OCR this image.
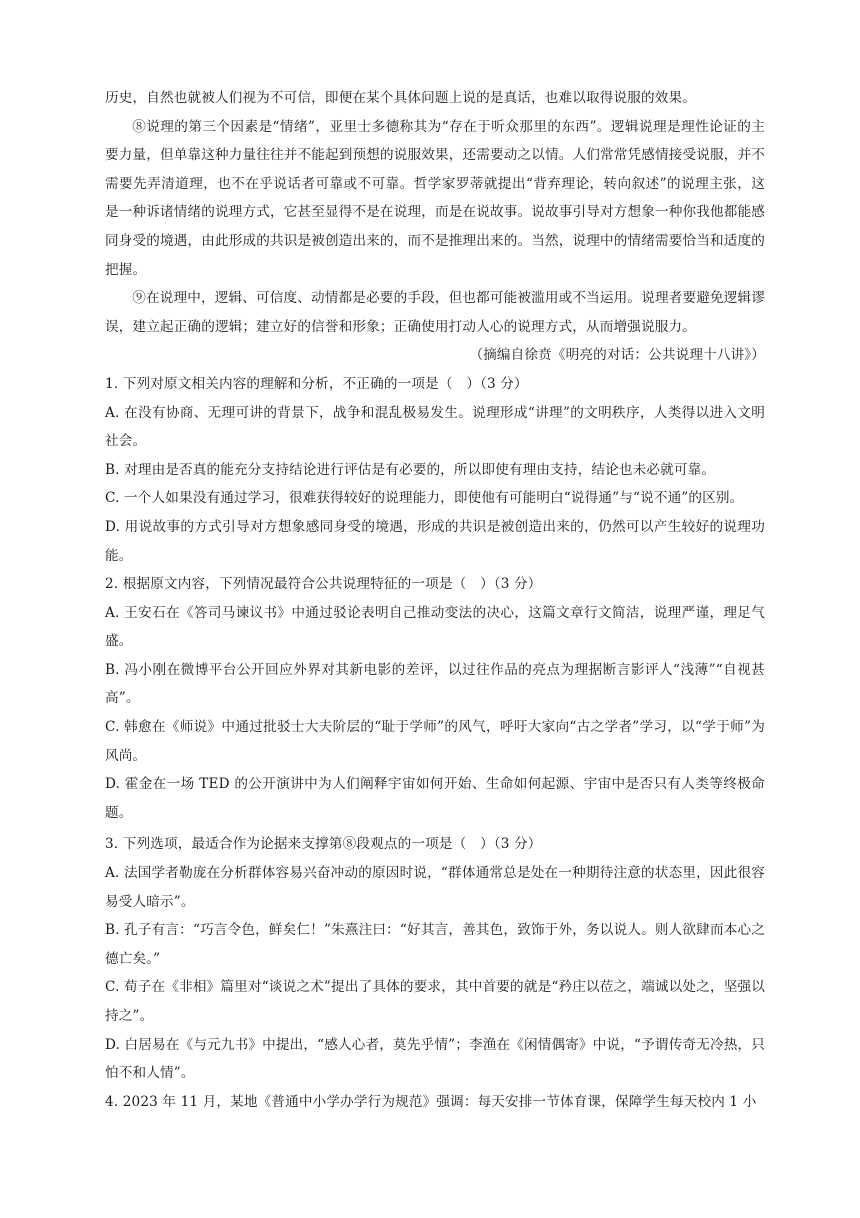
历史，自然也就被人们视为不可信，即便在某个具体问题上说的是真话，也难以取得说服的效果。

⑧说理的第三个因素是“情绪”，亚里士多德称其为“存在于听众那里的东西”。逻辑说理是理性论证的主要力量，但单靠这种力量往往并不能起到预想的说服效果，还需要动之以情。人们常常凭感情接受说服，并不需要先弄清道理，也不在乎说话者可靠或不可靠。哲学家罗蒂就提出“背弃理论，转向叙述”的说理主张，这是一种诉诸情绪的说理方式，它甚至显得不是在说理，而是在说故事。说故事引导对方想象一种你我他都能感同身受的境遇，由此形成的共识是被创造出来的，而不是推理出来的。当然，说理中的情绪需要恰当和适度的把握。

⑨在说理中，逻辑、可信度、动情都是必要的手段，但也都可能被滥用或不当运用。说理者要避免逻辑谬误，建立起正确的逻辑；建立好的信誉和形象；正确使用打动人心的说理方式，从而增强说服力。

（摘编自徐贲《明亮的对话：公共说理十八讲》）

1. 下列对原文相关内容的理解和分析，不正确的一项是（　）（3 分）

A. 在没有协商、无理可讲的背景下，战争和混乱极易发生。说理形成“讲理”的文明秩序，人类得以进入文明社会。

B. 对理由是否真的能充分支持结论进行评估是有必要的，所以即使有理由支持，结论也未必就可靠。

C. 一个人如果没有通过学习，很难获得较好的说理能力，即使他有可能明白“说得通”与“说不通”的区别。

D. 用说故事的方式引导对方想象感同身受的境遇，形成的共识是被创造出来的，仍然可以产生较好的说理功能。

2. 根据原文内容，下列情况最符合公共说理特征的一项是（　）（3 分）

A. 王安石在《答司马谏议书》中通过驳论表明自己推动变法的决心，这篇文章行文简洁，说理严谨，理足气盛。

B. 冯小刚在微博平台公开回应外界对其新电影的差评，以过往作品的亮点为理据断言影评人“浅薄”“自视甚高”。

C. 韩愈在《师说》中通过批驳士大夫阶层的“耻于学师”的风气，呼吁大家向“古之学者”学习，以“学于师”为风尚。

D. 霍金在一场 TED 的公开演讲中为人们阐释宇宙如何开始、生命如何起源、宇宙中是否只有人类等终极命题。

3. 下列选项，最适合作为论据来支撑第⑧段观点的一项是（　）（3 分）

A. 法国学者勒庞在分析群体容易兴奋冲动的原因时说，“群体通常总是处在一种期待注意的状态里，因此很容易受人暗示”。

B. 孔子有言：“巧言令色，鲜矣仁！”朱熹注曰：“好其言，善其色，致饰于外，务以说人。则人欲肆而本心之德亡矣。”

C. 荀子在《非相》篇里对“谈说之术”提出了具体的要求，其中首要的就是“矜庄以莅之，端诚以处之，坚强以持之”。

D. 白居易在《与元九书》中提出，“感人心者，莫先乎情”；李渔在《闲情偶寄》中说，“予谓传奇无冷热，只怕不和人情”。

4. 2023 年 11 月，某地《普通中小学办学行为规范》强调：每天安排一节体育课，保障学生每天校内 1 小
